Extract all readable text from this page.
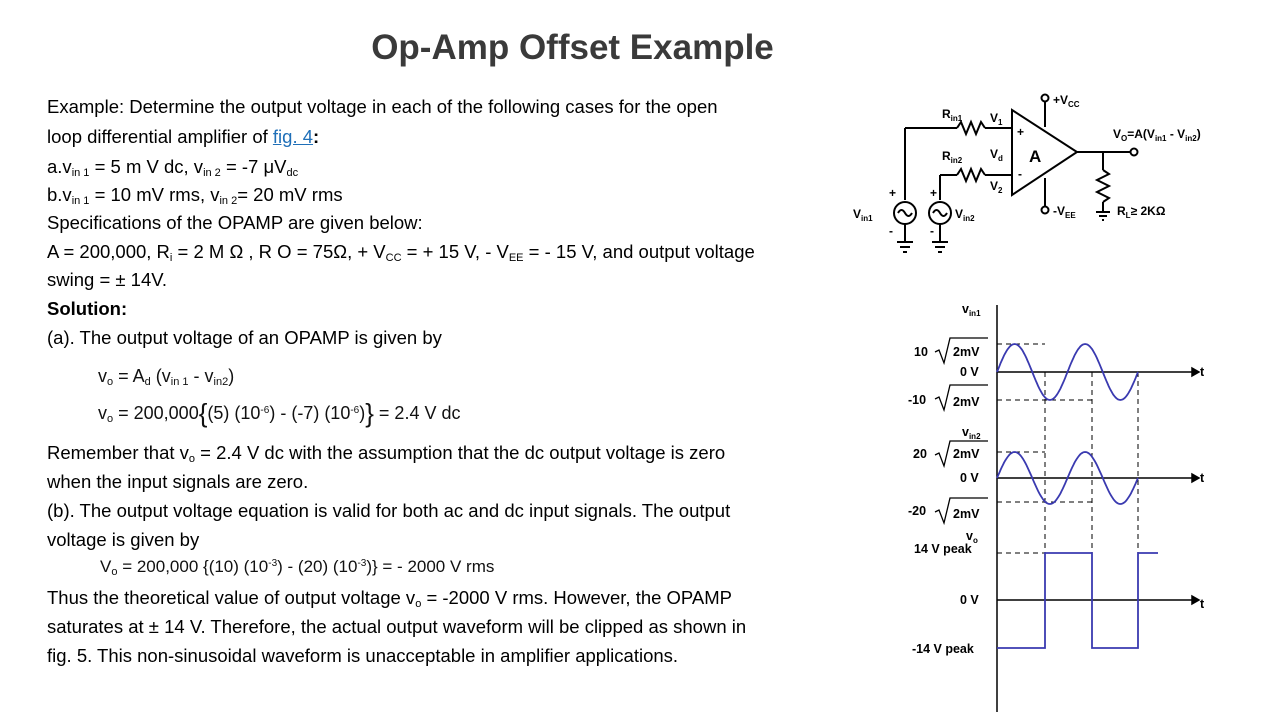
Op-Amp Offset Example
Example: Determine the output voltage in each of the following cases for the open
loop differential amplifier of fig. 4:
$a.v_{in 1} = 5$ m V dc, $v_{in 2} = -7$ $\mu V_{dc}$
$b.v_{in 1} = 10$ mV rms, $v_{in 2}= 20$ mV rms
Specifications of the OPAMP are given below:
A = 200,000, $R_i = 2$ M Ω , R O = 75Ω, + $V_{CC}$ = + 15 V, - $V_{EE}$ = - 15 V, and output voltage
swing = ± 14V.
Solution:
(a). The output voltage of an OPAMP is given by
$v_o = A_d$ $(v_{in 1} - v_{in2})$
$v_o = 200,000\{(5)$ $(10^{-6}) - (-7) (10^{-6})\} = 2.4$ V dc
Remember that $v_o = 2.4$ V dc with the assumption that the dc output voltage is zero
when the input signals are zero.
(b). The output voltage equation is valid for both ac and dc input signals. The output
voltage is given by
$V_o = 200,000$ {(10) $(10^{-3}) - (20) (10^{-3})$} = - 2000 V rms
Thus the theoretical value of output voltage $v_o = -2000$ V rms. However, the OPAMP
saturates at ± 14 V. Therefore, the actual output waveform will be clipped as shown in
fig. 5. This non-sinusoidal waveform is unacceptable in amplifier applications.
$+V_{CC}$
$-V_{EE}$
$R_{in1}$
$R_{in2}$
$V_1$
$V_d$
$V_2$
A
+
-
$V_O=A(V_{in1} - V_{in2})$
$R_L\ge 2K\Omega$
$V_{in1}$	$V_{in2}$
+
-
+
-
$v_{in1}$
10 2mV
0 V	t
-10 2mV
$v_{in2}$
20 2mV
0 V	t
-20 2mV
$v_o$
14 V peak
0 V	t
-14 V peak
